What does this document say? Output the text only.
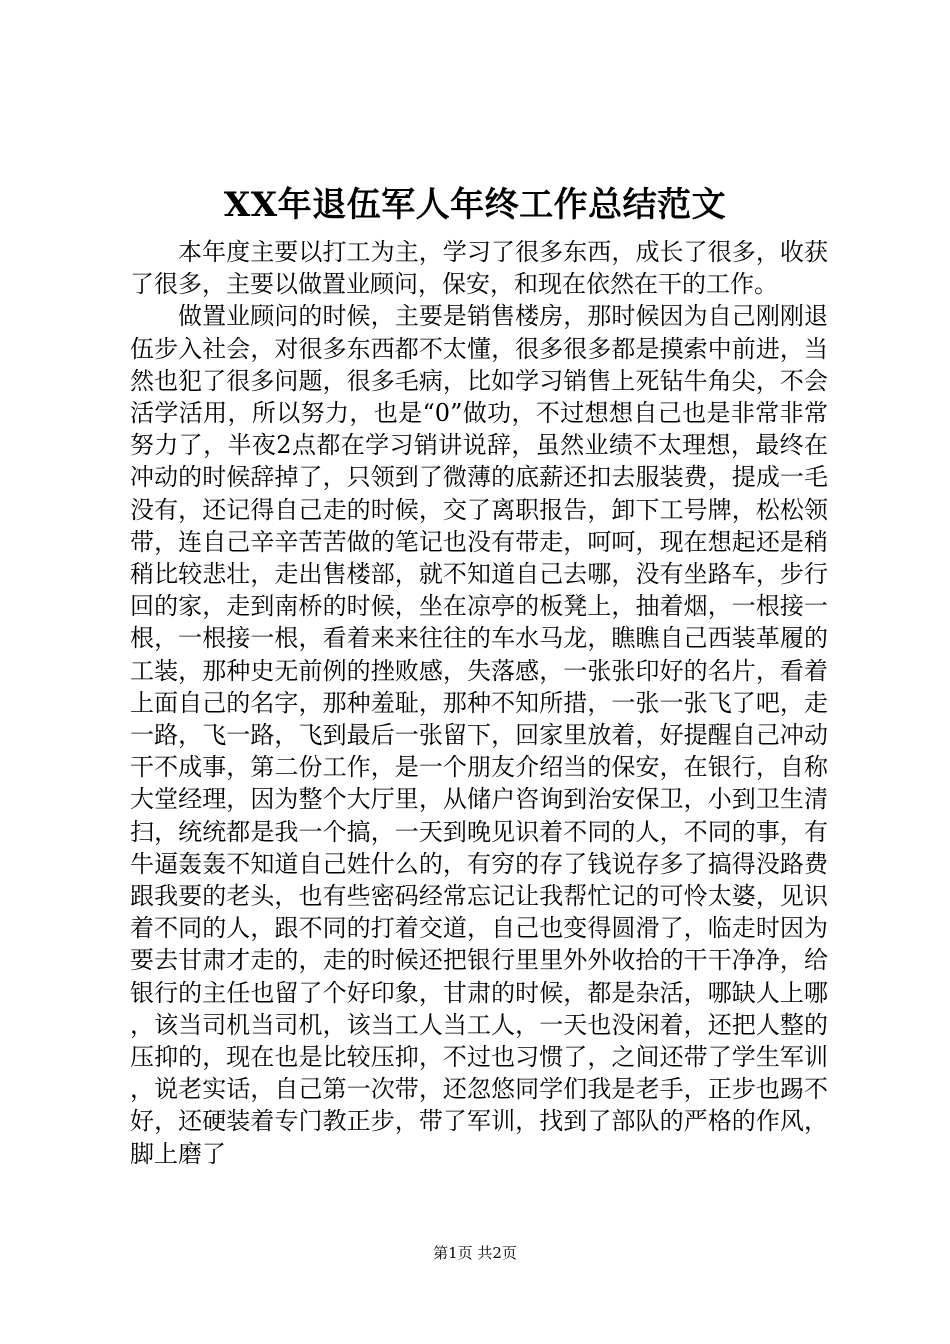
XX年退伍军人年终工作总结范文

本年度主要以打工为主，学习了很多东西，成长了很多，收获了很多，主要以做置业顾问，保安，和现在依然在干的工作。

做置业顾问的时候，主要是销售楼房，那时候因为自己刚刚退伍步入社会，对很多东西都不太懂，很多很多都是摸索中前进，当然也犯了很多问题，很多毛病，比如学习销售上死钻牛角尖，不会活学活用，所以努力，也是“0”做功，不过想想自己也是非常非常努力了，半夜2点都在学习销讲说辞，虽然业绩不太理想，最终在冲动的时候辞掉了，只领到了微薄的底薪还扣去服装费，提成一毛没有，还记得自己走的时候，交了离职报告，卸下工号牌，松松领带，连自己辛辛苦苦做的笔记也没有带走，呵呵，现在想起还是稍稍比较悲壮，走出售楼部，就不知道自己去哪，没有坐路车，步行回的家，走到南桥的时候，坐在凉亭的板凳上，抽着烟，一根接一根，一根接一根，看着来来往往的车水马龙，瞧瞧自己西装革履的工装，那种史无前例的挫败感，失落感，一张张印好的名片，看着上面自己的名字，那种羞耻，那种不知所措，一张一张飞了吧，走一路，飞一路，飞到最后一张留下，回家里放着，好提醒自己冲动干不成事，第二份工作，是一个朋友介绍当的保安，在银行，自称大堂经理，因为整个大厅里，从储户咨询到治安保卫，小到卫生清扫，统统都是我一个搞，一天到晚见识着不同的人，不同的事，有牛逼轰轰不知道自己姓什么的，有穷的存了钱说存多了搞得没路费跟我要的老头，也有些密码经常忘记让我帮忙记的可怜太婆，见识着不同的人，跟不同的打着交道，自己也变得圆滑了，临走时因为要去甘肃才走的，走的时候还把银行里里外外收拾的干干净净，给银行的主任也留了个好印象，甘肃的时候，都是杂活，哪缺人上哪，该当司机当司机，该当工人当工人，一天也没闲着，还把人整的压抑的，现在也是比较压抑，不过也习惯了，之间还带了学生军训，说老实话，自己第一次带，还忽悠同学们我是老手，正步也踢不好，还硬装着专门教正步，带了军训，找到了部队的严格的作风，脚上磨了

第1页 共2页
